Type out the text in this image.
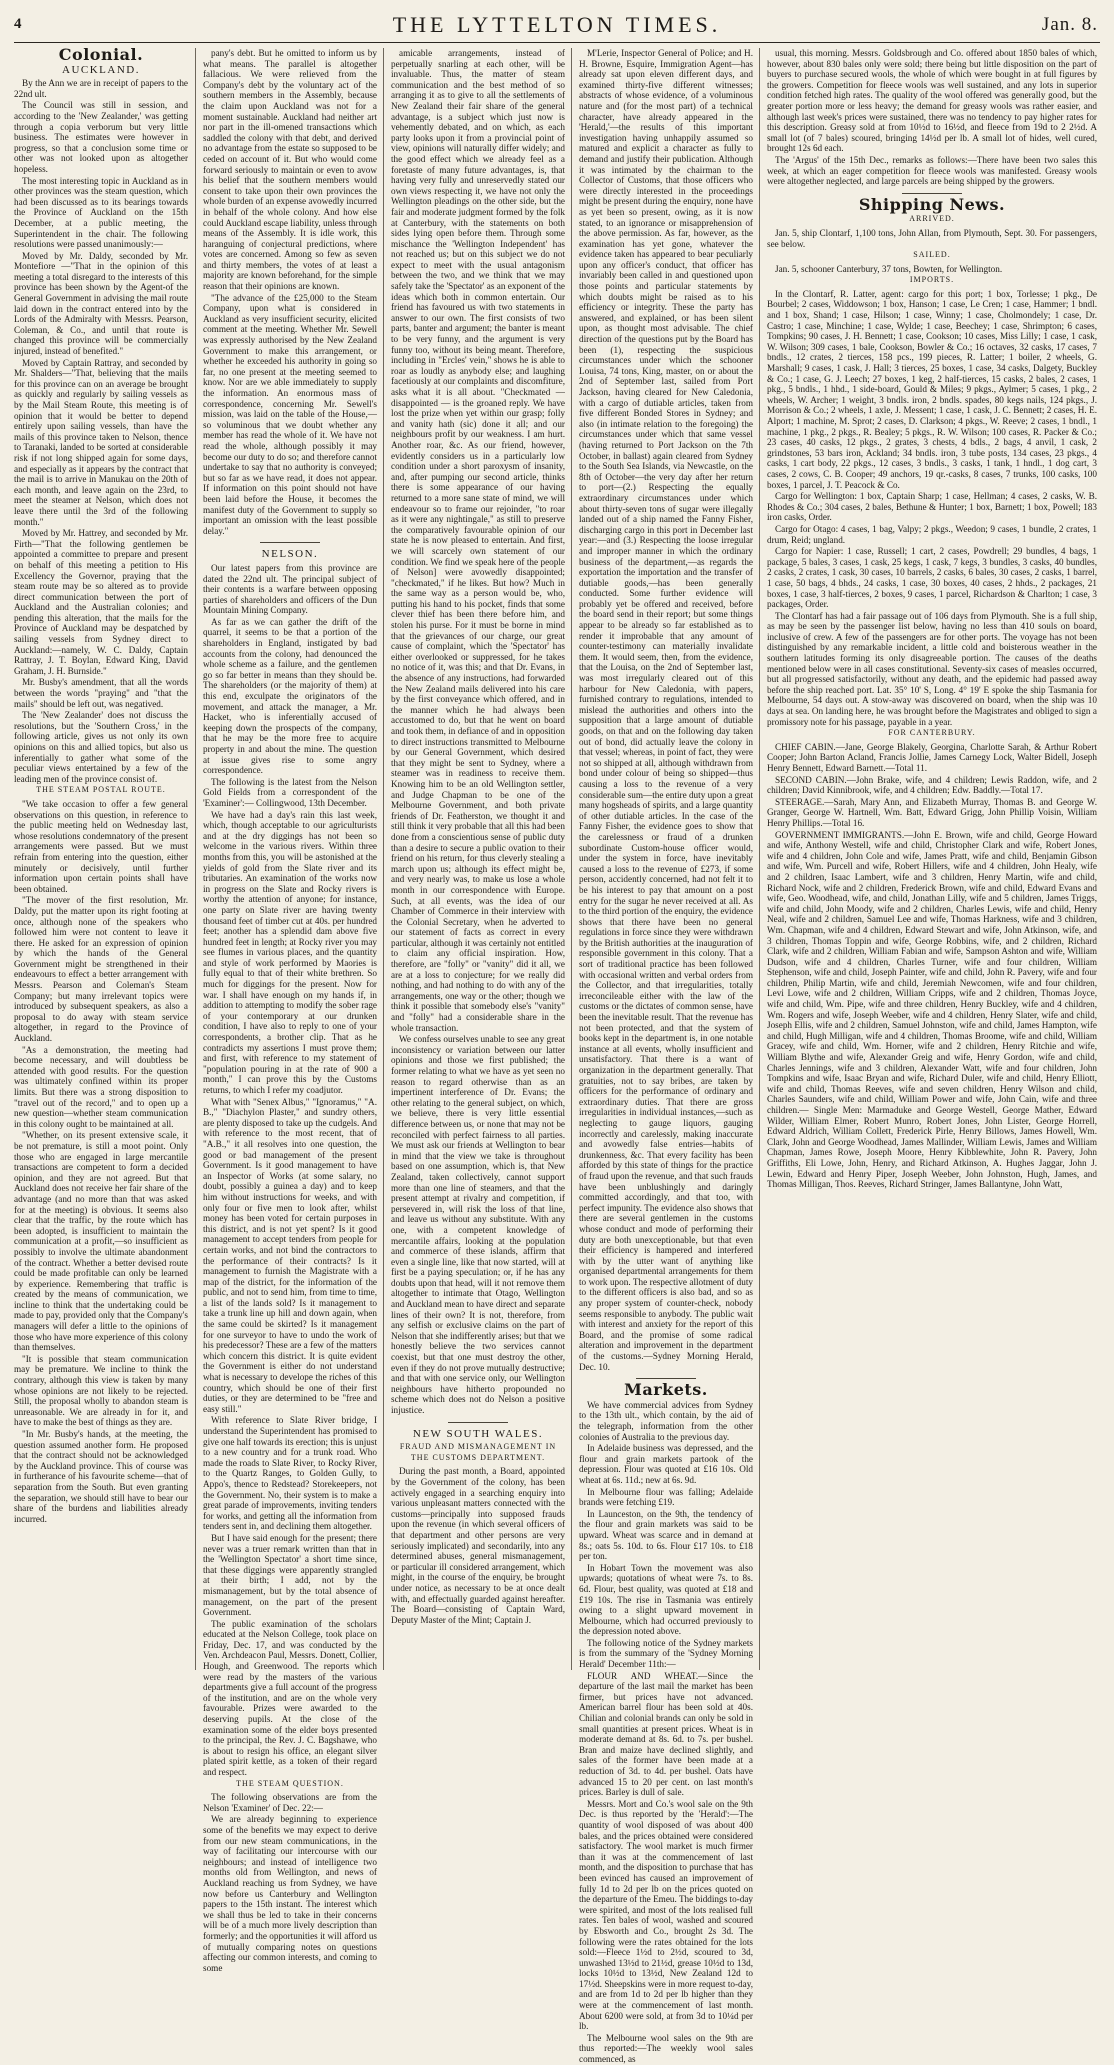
4	THE LYTTELTON TIMES.	Jan. 8.
Colonial.
AUCKLAND.

By the Ann we are in receipt of papers to the 22nd ult.

The Council was still in session, and according to the 'New Zealander,' was getting through a copia verborum but very little business. The estimates were however in progress, so that a conclusion some time or other was not looked upon as altogether hopeless.

The most interesting topic in Auckland as in other provinces was the steam question, which had been discussed as to its bearings towards the Province of Auckland on the 15th December, at a public meeting, the Superintendent in the chair. The following resolutions were passed unanimously:—

Moved by Mr. Daldy, seconded by Mr. Montefiore —"That in the opinion of this meeting a total disregard to the interests of this province has been shown by the Agent-of the General Government in advising the mail route laid down in the contract entered into by the Lords of the Admiralty with Messrs. Pearson, Coleman, & Co., and until that route is changed this province will be commercially injured, instead of benefited."

Moved by Captain Rattray, and seconded by Mr. Shalders—"That, believing that the mails for this province can on an average be brought as quickly and regularly by sailing vessels as by the Mail Steam Route, this meeting is of opinion that it would be better to depend entirely upon sailing vessels, than have the mails of this province taken to Nelson, thence to Taranaki, landed to be sorted at considerable risk if not long shipped again for some days, and especially as it appears by the contract that the mail is to arrive in Manukau on the 20th of each month, and leave again on the 23rd, to meet the steamer at Nelson, which does not leave there until the 3rd of the following month."

Moved by Mr. Hattrey, and seconded by Mr. Firth—"That the following gentlemen be appointed a committee to prepare and present on behalf of this meeting a petition to His Excellency the Governor, praying that the steam route may be so altered as to provide direct communication between the port of Auckland and the Australian colonies; and pending this alteration, that the mails for the Province of Auckland may be despatched by sailing vessels from Sydney direct to Auckland:—namely, W. C. Daldy, Captain Rattray, J. T. Boylan, Edward King, David Graham, J. H. Burnside."

Mr. Busby's amendment, that all the words between the words "praying" and "that the mails" should be left out, was negatived.

The 'New Zealander' does not discuss the resolutions, but the 'Southern Cross,' in the following article, gives us not only its own opinions on this and allied topics, but also us inferentially to gather what some of the peculiar views entertained by a few of the leading men of the province consist of.

THE STEAM POSTAL ROUTE.

"We take occasion to offer a few general observations on this question, in reference to the public meeting held on Wednesday last, whose resolutions condemnatory of the present arrangements were passed. But we must refrain from entering into the question, either minutely or decisively, until further information upon certain points shall have been obtained.

"The mover of the first resolution, Mr. Daldy, put the matter upon its right footing at once, although none of the speakers who followed him were not content to leave it there. He asked for an expression of opinion by which the hands of the General Government might be strengthened in their endeavours to effect a better arrangement with Messrs. Pearson and Coleman's Steam Company; but many irrelevant topics were introduced by subsequent speakers, as also a proposal to do away with steam service altogether, in regard to the Province of Auckland.

"As a demonstration, the meeting had become necessary, and will doubtless be attended with good results. For the question was ultimately confined within its proper limits. But there was a strong disposition to "travel out of the record," and to open up a new question—whether steam communication in this colony ought to be maintained at all.

"Whether, on its present extensive scale, it be not premature, is still a moot point. Only those who are engaged in large mercantile transactions are competent to form a decided opinion, and they are not agreed. But that Auckland does not receive her fair share of the advantage (and no more than that was asked for at the meeting) is obvious. It seems also clear that the traffic, by the route which has been adopted, is insufficient to maintain the communication at a profit,—so insufficient as possibly to involve the ultimate abandonment of the contract. Whether a better devised route could be made profitable can only be learned by experience. Remembering that traffic is created by the means of communication, we incline to think that the undertaking could be made to pay, provided only that the Company's managers will defer a little to the opinions of those who have more experience of this colony than themselves.

"It is possible that steam communication may be premature. We incline to think the contrary, although this view is taken by many whose opinions are not likely to be rejected. Still, the proposal wholly to abandon steam is unreasonable. We are already in for it, and have to make the best of things as they are.

"In Mr. Busby's hands, at the meeting, the question assumed another form. He proposed that the contract should not be acknowledged by the Auckland province. This of course was in furtherance of his favourite scheme—that of separation from the South. But even granting the separation, we should still have to bear our share of the burdens and liabilities already incurred.

pany's debt. But he omitted to inform us by what means. The parallel is altogether fallacious. We were relieved from the Company's debt by the voluntary act of the southern members in the Assembly, because the claim upon Auckland was not for a moment sustainable. Auckland had neither art nor part in the ill-omened transactions which saddled the colony with that debt, and derived no advantage from the estate so supposed to be ceded on account of it. But who would come forward seriously to maintain or even to avow his belief that the southern members would consent to take upon their own provinces the whole burden of an expense avowedly incurred in behalf of the whole colony. And how else could Auckland escape liability, unless through means of the Assembly. It is idle work, this haranguing of conjectural predictions, where votes are concerned. Among so few as seven and thirty members, the votes of at least a majority are known beforehand, for the simple reason that their opinions are known.

"The advance of the £25,000 to the Steam Company, upon what is considered in Auckland as very insufficient security, elicited comment at the meeting. Whether Mr. Sewell was expressly authorised by the New Zealand Government to make this arrangement, or whether he exceeded his authority in going so far, no one present at the meeting seemed to know. Nor are we able immediately to supply the information. An enormous mass of correspondence, concerning Mr. Sewell's mission, was laid on the table of the House,—so voluminous that we doubt whether any member has read the whole of it. We have not read the whole, although possibly it may become our duty to do so; and therefore cannot undertake to say that no authority is conveyed; but so far as we have read, it does not appear. If information on this point should not have been laid before the House, it becomes the manifest duty of the Government to supply so important an omission with the least possible delay."

NELSON.

Our latest papers from this province are dated the 22nd ult. The principal subject of their contents is a warfare between opposing parties of shareholders and officers of the Dun Mountain Mining Company.

As far as we can gather the drift of the quarrel, it seems to be that a portion of the shareholders in England, instigated by bad accounts from the colony, had denounced the whole scheme as a failure, and the gentlemen go so far better in means than they should be. The shareholders (or the majority of them) at this end, exculpate the originators of the movement, and attack the manager, a Mr. Hacket, who is inferentially accused of keeping down the prospects of the company, that he may be the more free to acquire property in and about the mine. The question at issue gives rise to some angry correspondence.

The following is the latest from the Nelson Gold Fields from a correspondent of the 'Examiner':— Collingwood, 13th December.

We have had a day's rain this last week, which, though acceptable to our agriculturists and at the dry diggings has not been so welcome in the various rivers. Within three months from this, you will be astonished at the yields of gold from the Slate river and its tributaries. An examination of the works now in progress on the Slate and Rocky rivers is worthy the attention of anyone; for instance, one party on Slate river are having twenty thousand feet of timber cut at 40s. per hundred feet; another has a splendid dam above five hundred feet in length; at Rocky river you may see flumes in various places, and the quantity and style of work performed by Maories is fully equal to that of their white brethren. So much for diggings for the present. Now for war. I shall have enough on my hands if, in addition to attempting to modify the sober rage of your contemporary at our drunken condition, I have also to reply to one of your correspondents, a brother clip. That as he contradicts my assertions I must prove them; and first, with reference to my statement of "population pouring in at the rate of 900 a month," I can prove this by the Customs returns, to which I refer my coadjutor.

What with "Senex Albus," "Ignoramus," "A. B.," "Diachylon Plaster," and sundry others, are plenty disposed to take up the cudgels. And with reference to the most recent, that of "A.B.," it all resolves into one question, the good or bad management of the present Government. Is it good management to have an Inspector of Works (at some salary, no doubt, possibly a guinea a day) and to keep him without instructions for weeks, and with only four or five men to look after, whilst money has been voted for certain purposes in this district, and is not yet spent? Is it good management to accept tenders from people for certain works, and not bind the contractors to the performance of their contracts? Is it management to furnish the Magistrate with a map of the district, for the information of the public, and not to send him, from time to time, a list of the lands sold? Is it management to take a trunk line up hill and down again, when the same could be skirted? Is it management for one surveyor to have to undo the work of his predecessor? These are a few of the matters which concern this district. It is quite evident the Government is either do not understand what is necessary to develope the riches of this country, which should be one of their first duties, or they are determined to be "free and easy still."

With reference to Slate River bridge, I understand the Superintendent has promised to give one half towards its erection; this is unjust to a new country and for a trunk road. Who made the roads to Slate River, to Rocky River, to the Quartz Ranges, to Golden Gully, to Appo's, thence to Redstead? Storekeepers, not the Government. No, their system is to make a great parade of improvements, inviting tenders for works, and getting all the information from tenders sent in, and declining them altogether.

But I have said enough for the present; there never was a truer remark written than that in the 'Wellington Spectator' a short time since, that these diggings were apparently strangled at their birth; I add, not by the mismanagement, but by the total absence of management, on the part of the present Government.

The public examination of the scholars educated at the Nelson College, took place on Friday, Dec. 17, and was conducted by the Ven. Archdeacon Paul, Messrs. Donett, Collier, Hough, and Greenwood. The reports which were read by the masters of the various departments give a full account of the progress of the institution, and are on the whole very favourable. Prizes were awarded to the deserving pupils. At the close of the examination some of the elder boys presented to the principal, the Rev. J. C. Bagshawe, who is about to resign his office, an elegant silver plated spirit kettle, as a token of their regard and respect.

THE STEAM QUESTION.

The following observations are from the Nelson 'Examiner' of Dec. 22:—

We are already beginning to experience some of the benefits we may expect to derive from our new steam communications, in the way of facilitating our intercourse with our neighbours; and instead of intelligence two months old from Wellington, and news of Auckland reaching us from Sydney, we have now before us Canterbury and Wellington papers to the 15th instant. The interest which we shall thus be led to take in their concerns will be of a much more lively description than formerly; and the opportunities it will afford us of mutually comparing notes on questions affecting our common interests, and coming to some

amicable arrangements, instead of perpetually snarling at each other, will be invaluable. Thus, the matter of steam communication and the best method of so arranging it as to give to all the settlements of New Zealand their fair share of the general advantage, is a subject which just now is vehemently debated, and on which, as each party looks upon it from a provincial point of view, opinions will naturally differ widely; and the good effect which we already feel as a foretaste of many future advantages, is, that having very fully and unreservedly stated our own views respecting it, we have not only the Wellington pleadings on the other side, but the fair and moderate judgment formed by the folk at Canterbury, with the statements on both sides lying open before them. Through some mischance the 'Wellington Independent' has not reached us; but on this subject we do not expect to meet with the usual antagonism between the two, and we think that we may safely take the 'Spectator' as an exponent of the ideas which both in common entertain. Our friend has favoured us with two statements in answer to our own. The first consists of two parts, banter and argument; the banter is meant to be very funny, and the argument is very funny too, without its being meant. Therefore, including in "Ercles' vein," shows he is able to roar as loudly as anybody else; and laughing facetiously at our complaints and discomfiture, asks what it is all about. "Checkmated — disappointed — is the groaned reply. We have lost the prize when yet within our grasp; folly and vanity hath (sic) done it all; and our neighbours profit by our weakness. I am hurt. Another roar, &c. As our friend, however, evidently considers us in a particularly low condition under a short paroxysm of insanity, and, after pumping our second article, thinks there is some appearance of our having returned to a more sane state of mind, we will endeavour so to frame our rejoinder, "to roar as it were any nightingale," as still to preserve the comparatively favourable opinion of our state he is now pleased to entertain. And first, we will scarcely own statement of our condition. We find we speak here of the people of Nelson] were avowedly disappointed; "checkmated," if he likes. But how? Much in the same way as a person would be, who, putting his hand to his pocket, finds that some clever thief has been there before him, and stolen his purse. For it must be borne in mind that the grievances of our charge, our great cause of complaint, which the 'Spectator' has either overlooked or suppressed, for he takes no notice of it, was this; and that Dr. Evans, in the absence of any instructions, had forwarded the New Zealand mails delivered into his care by the first conveyance which offered, and in the manner which he had always been accustomed to do, but that he went on board and took them, in defiance of and in opposition to direct instructions transmitted to Melbourne by our General Government, which desired that they might be sent to Sydney, where a steamer was in readiness to receive them. Knowing him to be an old Wellington settler, and Judge Chapman to be one of the Melbourne Government, and both private friends of Dr. Featherston, we thought it and still think it very probable that all this had been done from a conscientious sense of public duty than a desire to secure a public ovation to their friend on his return, for thus cleverly stealing a march upon us; although its effect might be, and very nearly was, to make us lose a whole month in our correspondence with Europe. Such, at all events, was the idea of our Chamber of Commerce in their interview with the Colonial Secretary, when he adverted to our statement of facts as correct in every particular, although it was certainly not entitled to claim any official inspiration. How, therefore, are "folly" or "vanity" did it all, we are at a loss to conjecture; for we really did nothing, and had nothing to do with any of the arrangements, one way or the other; though we think it possible that somebody else's "vanity" and "folly" had a considerable share in the whole transaction.

We confess ourselves unable to see any great inconsistency or variation between our latter opinions and those we first published; the former relating to what we have as yet seen no reason to regard otherwise than as an impertinent interference of Dr. Evans; the other relating to the general subject, on which, we believe, there is very little essential difference between us, or none that may not be reconciled with perfect fairness to all parties. We must ask our friends at Wellington to bear in mind that the view we take is throughout based on one assumption, which is, that New Zealand, taken collectively, cannot support more than one line of steamers, and that the present attempt at rivalry and competition, if persevered in, will risk the loss of that line, and leave us without any substitute. With any one, with a competent knowledge of mercantile affairs, looking at the population and commerce of these islands, affirm that even a single line, like that now started, will at first be a paying speculation; or, if he has any doubts upon that head, will it not remove them altogether to intimate that Otago, Wellington and Auckland mean to have direct and separate lines of their own? It is not, therefore, from any selfish or exclusive claims on the part of Nelson that she indifferently arises; but that we honestly believe the two services cannot coexist, but that one must destroy the other, even if they do not prove mutually destructive; and that with one service only, our Wellington neighbours have hitherto propounded no scheme which does not do Nelson a positive injustice.

NEW SOUTH WALES.
FRAUD AND MISMANAGEMENT IN THE CUSTOMS DEPARTMENT.

During the past month, a Board, appointed by the Government of the colony, has been actively engaged in a searching enquiry into various unpleasant matters connected with the customs—principally into supposed frauds upon the revenue (in which several officers of that department and other persons are very seriously implicated) and secondarily, into any determined abuses, general mismanagement, or particular ill considered arrangement, which might, in the course of the enquiry, be brought under notice, as necessary to be at once dealt with, and effectually guarded against hereafter. The Board—consisting of Captain Ward, Deputy Master of the Mint; Captain J.

M'Lerie, Inspector General of Police; and H. H. Browne, Esquire, Immigration Agent—has already sat upon eleven different days, and examined thirty-five different witnesses; abstracts of whose evidence, of a voluminous nature and (for the most part) of a technical character, have already appeared in the 'Herald,'—the results of this important investigation having unhappily assumed so matured and explicit a character as fully to demand and justify their publication. Although it was intimated by the chairman to the Collector of Customs, that those officers who were directly interested in the proceedings might be present during the enquiry, none have as yet been so present, owing, as it is now stated, to an ignorance or misapprehension of the above permission. As far, however, as the examination has yet gone, whatever the evidence taken has appeared to bear peculiarly upon any officer's conduct, that officer has invariably been called in and questioned upon those points and particular statements by which doubts might be raised as to his efficiency or integrity. These the party has answered, and explained, or has been silent upon, as thought most advisable. The chief direction of the questions put by the Board has been (1), respecting the suspicious circumstances under which the schooner Louisa, 74 tons, King, master, on or about the 2nd of September last, sailed from Port Jackson, having cleared for New Caledonia, with a cargo of dutiable articles, taken from five different Bonded Stores in Sydney; and also (in intimate relation to the foregoing) the circumstances under which that same vessel (having returned to Port Jackson on the 7th October, in ballast) again cleared from Sydney to the South Sea Islands, via Newcastle, on the 8th of October—the very day after her return to port—(2.) Respecting the equally extraordinary circumstances under which about thirty-seven tons of sugar were illegally landed out of a ship named the Fanny Fisher, discharging cargo in this port in December last year:—and (3.) Respecting the loose irregular and improper manner in which the ordinary business of the department,—as regards the exportation the importation and the transfer of dutiable goods,—has been generally conducted. Some further evidence will probably yet be offered and received, before the board send in their report; but some things appear to be already so far established as to render it improbable that any amount of counter-testimony can materially invalidate them. It would seem, then, from the evidence, that the Louisa, on the 2nd of September last, was most irregularly cleared out of this harbour for New Caledonia, with papers, furnished contrary to regulations, intended to mislead the authorities and others into the supposition that a large amount of dutiable goods, on that and on the following day taken out of bond, did actually leave the colony in that vessel; whereas, in point of fact, they were not so shipped at all, although withdrawn from bond under colour of being so shipped—thus causing a loss to the revenue of a very considerable sum—the entire duty upon a great many hogsheads of spirits, and a large quantity of other dutiable articles. In the case of the Fanny Fisher, the evidence goes to show that the carelessness or fraud of a drunken subordinate Custom-house officer would, under the system in force, have inevitably caused a loss to the revenue of £273, if some person, accidently concerned, had not felt it to be his interest to pay that amount on a post entry for the sugar he never received at all. As to the third portion of the enquiry, the evidence shows that there have been no general regulations in force since they were withdrawn by the British authorities at the inauguration of responsible government in this colony. That a sort of traditional practice has been followed with occasional written and verbal orders from the Collector, and that irregularities, totally irreconcileable either with the law of the customs or the dictates of common sense, have been the inevitable result. That the revenue has not been protected, and that the system of books kept in the department is, in one notable instance at all events, wholly insufficient and unsatisfactory. That there is a want of organization in the department generally. That gratuities, not to say bribes, are taken by officers for the performance of ordinary and extraordinary duties. That there are gross irregularities in individual instances,—such as neglecting to gauge liquors, gauging incorrectly and carelessly, making inaccurate and avowedly false entries—habits of drunkenness, &c. That every facility has been afforded by this state of things for the practice of fraud upon the revenue, and that such frauds have been unblushingly and daringly committed accordingly, and that too, with perfect impunity. The evidence also shows that there are several gentlemen in the customs whose conduct and mode of performing their duty are both unexceptionable, but that even their efficiency is hampered and interfered with by the utter want of anything like organised departmental arrangements for them to work upon. The respective allotment of duty to the different officers is also bad, and so as any proper system of counter-check, nobody seems responsible to anybody. The public wait with interest and anxiety for the report of this Board, and the promise of some radical alteration and improvement in the department of the customs.—Sydney Morning Herald, Dec. 10.

Markets.

We have commercial advices from Sydney to the 13th ult., which contain, by the aid of the telegraph, information from the other colonies of Australia to the previous day.

In Adelaide business was depressed, and the flour and grain markets partook of the depression. Flour was quoted at £16 10s. Old wheat at 6s. 11d.; new at 6s. 9d.

In Melbourne flour was falling; Adelaide brands were fetching £19.

In Launceston, on the 9th, the tendency of the flour and grain markets was said to be upward. Wheat was scarce and in demand at 8s.; oats 5s. 10d. to 6s. Flour £17 10s. to £18 per ton.

In Hobart Town the movement was also upwards; quotations of wheat were 7s. to 8s. 6d. Flour, best quality, was quoted at £18 and £19 10s. The rise in Tasmania was entirely owing to a slight upward movement in Melbourne, which had occurred previously to the depression noted above.

The following notice of the Sydney markets is from the summary of the 'Sydney Morning Herald' December 11th:—

FLOUR AND WHEAT.—Since the departure of the last mail the market has been firmer, but prices have not advanced. American barrel flour has been sold at 40s. Chilian and colonial brands can only be sold in small quantities at present prices. Wheat is in moderate demand at 8s. 6d. to 7s. per bushel. Bran and maize have declined slightly, and sales of the former have been made at a reduction of 3d. to 4d. per bushel. Oats have advanced 15 to 20 per cent. on last month's prices. Barley is dull of sale.

Messrs. Mort and Co.'s wool sale on the 9th Dec. is thus reported by the 'Herald':—The quantity of wool disposed of was about 400 bales, and the prices obtained were considered satisfactory. The wool market is much firmer than it was at the commencement of last month, and the disposition to purchase that has been evinced has caused an improvement of fully 1d to 2d per lb on the prices quoted on the departure of the Emeu. The biddings to-day were spirited, and most of the lots realised full rates. Ten bales of wool, washed and scoured by Ebsworth and Co., brought 2s 3d. The following were the rates obtained for the lots sold:—Fleece 1½d to 2½d, scoured to 3d, unwashed 13½d to 21½d, grease 10½d to 13d, locks 10½d to 13½d, New Zealand 12d to 17½d. Sheepskins were in more request to-day, and are from 1d to 2d per lb higher than they were at the commencement of last month. About 6200 were sold, at from 3d to 10¼d per lb.

The Melbourne wool sales on the 9th are thus reported:—The weekly wool sales commenced, as

usual, this morning. Messrs. Goldsbrough and Co. offered about 1850 bales of which, however, about 830 bales only were sold; there being but little disposition on the part of buyers to purchase secured wools, the whole of which were bought in at full figures by the growers. Competition for fleece wools was well sustained, and any lots in superior condition fetched high rates. The quality of the wool offered was generally good, but the greater portion more or less heavy; the demand for greasy wools was rather easier, and although last week's prices were sustained, there was no tendency to pay higher rates for this description. Greasy sold at from 10½d to 16½d, and fleece from 19d to 2 2½d. A small lot (of 7 bales) scoured, bringing 14½d per lb. A small lot of hides, well cured, brought 12s 6d each.

The 'Argus' of the 15th Dec., remarks as follows:—There have been two sales this week, at which an eager competition for fleece wools was manifested. Greasy wools were altogether neglected, and large parcels are being shipped by the growers.

Shipping News.
ARRIVED.

Jan. 5, ship Clontarf, 1,100 tons, John Allan, from Plymouth, Sept. 30. For passengers, see below.

SAILED.

Jan. 5, schooner Canterbury, 37 tons, Bowten, for Wellington.

IMPORTS.

In the Clontarf, R. Latter, agent: cargo for this port; 1 box, Torlesse; 1 pkg., De Bourbel; 2 cases, Widdowson; 1 box, Hanson; 1 case, Le Cren; 1 case, Hammer; 1 bndl. and 1 box, Shand; 1 case, Hilson; 1 case, Winny; 1 case, Cholmondely; 1 case, Dr. Castro; 1 case, Minchine; 1 case, Wylde; 1 case, Beechey; 1 case, Shrimpton; 6 cases, Tompkins; 90 cases, J. H. Bennett; 1 case, Cookson; 10 cases, Miss Lilly; 1 case, 1 cask, W. Wilson; 309 cases, 1 bale, Cookson, Bowler & Co.; 16 octaves, 32 casks, 17 cases, 7 bndls., 12 crates, 2 tierces, 158 pcs., 199 pieces, R. Latter; 1 boiler, 2 wheels, G. Marshall; 9 cases, 1 cask, J. Hall; 3 tierces, 25 boxes, 1 case, 34 casks, Dalgety, Buckley & Co.; 1 case, G. J. Leech; 27 boxes, 1 keg, 2 half-tierces, 15 casks, 2 bales, 2 cases, 1 pkg., 5 bndls., 1 hhd., 1 side-board, Gould & Miles; 9 pkgs., Aylmer; 5 cases, 1 pkg., 2 wheels, W. Archer; 1 weight, 3 bndls. iron, 2 bndls. spades, 80 kegs nails, 124 pkgs., J. Morrison & Co.; 2 wheels, 1 axle, J. Messent; 1 case, 1 cask, J. C. Bennett; 2 cases, H. E. Alport; 1 machine, M. Sprot; 2 cases, D. Clarkson; 4 pkgs., W. Reeve; 2 cases, 1 bndl., 1 machine, 1 pkg., 2 pkgs., R. Bealey; 5 pkgs., R. W. Wilson; 100 cases, R. Packer & Co.; 23 cases, 40 casks, 12 pkgs., 2 grates, 3 chests, 4 bdls., 2 bags, 4 anvil, 1 cask, 2 grindstones, 53 bars iron, Ackland; 34 bndls. iron, 3 tube posts, 134 cases, 23 pkgs., 4 casks, 1 cart body, 22 pkgs., 12 cases, 3 bndls., 3 casks, 1 tank, 1 hndl., 1 dog cart, 3 cases, 2 cows, C. B. Cooper; 49 anchors, 19 qr.-casks, 8 cases, 7 trunks, 100 casks, 100 boxes, 1 parcel, J. T. Peacock & Co.

Cargo for Wellington: 1 box, Captain Sharp; 1 case, Hellman; 4 cases, 2 casks, W. B. Rhodes & Co.; 304 cases, 2 bales, Bethune & Hunter; 1 box, Barnett; 1 box, Powell; 183 iron casks, Order.

Cargo for Otago: 4 cases, 1 bag, Valpy; 2 pkgs., Weedon; 9 cases, 1 bundle, 2 crates, 1 drum, Reid; ungland.

Cargo for Napier: 1 case, Russell; 1 cart, 2 cases, Powdrell; 29 bundles, 4 bags, 1 package, 5 bales, 3 cases, 1 cask, 25 kegs, 1 cask, 7 kegs, 3 bundles, 3 casks, 40 bundles, 2 casks, 2 crates, 1 cask, 30 cases, 10 barrels, 2 casks, 6 bales, 30 cases, 2 casks, 1 barrel, 1 case, 50 bags, 4 bhds., 24 casks, 1 case, 30 boxes, 40 cases, 2 hhds., 2 packages, 21 boxes, 1 case, 3 half-tierces, 2 boxes, 9 cases, 1 parcel, Richardson & Charlton; 1 case, 3 packages, Order.

The Clontarf has had a fair passage out of 106 days from Plymouth. She is a full ship, as may be seen by the passenger list below, having no less than 410 souls on board, inclusive of crew. A few of the passengers are for other ports. The voyage has not been distinguished by any remarkable incident, a little cold and boisterous weather in the southern latitudes forming its only disagreeable portion. The causes of the deaths mentioned below were in all cases constitutional. Seventy-six cases of measles occurred, but all progressed satisfactorily, without any death, and the epidemic had passed away before the ship reached port. Lat. 35° 10' S, Long. 4° 19' E spoke the ship Tasmania for Melbourne, 54 days out. A stow-away was discovered on board, when the ship was 10 days at sea. On landing here, he was brought before the Magistrates and obliged to sign a promissory note for his passage, payable in a year.

FOR CANTERBURY.

CHIEF CABIN.—Jane, George Blakely, Georgina, Charlotte Sarah, & Arthur Robert Cooper; John Barton Acland, Francis Jollie, James Carnegy Lock, Walter Bidell, Joseph Henry Bennett, Edward Barnett.—Total 11.

SECOND CABIN.—John Brake, wife, and 4 children; Lewis Raddon, wife, and 2 children; David Kinnibrook, wife, and 4 children; Edw. Baddly.—Total 17.

STEERAGE.—Sarah, Mary Ann, and Elizabeth Murray, Thomas B. and George W. Granger, George W. Hartnell, Wm. Batt, Edward Grigg, John Phillip Voisin, William Henry Phillips.—Total 16.

GOVERNMENT IMMIGRANTS.—John E. Brown, wife and child, George Howard and wife, Anthony Westell, wife and child, Christopher Clark and wife, Robert Jones, wife and 4 children, John Cole and wife, James Pratt, wife and child, Benjamin Gibson and wife, Wm. Purcell and wife, Robert Hillers, wife and 4 children, John Healy, wife and 2 children, Isaac Lambert, wife and 3 children, Henry Martin, wife and child, Richard Nock, wife and 2 children, Frederick Brown, wife and child, Edward Evans and wife, Geo. Woodhead, wife, and child, Jonathan Lilly, wife and 5 children, James Triggs, wife and child, John Moody, wife and 2 children, Charles Lewis, wife and child, Henry Neal, wife and 2 children, Samuel Lee and wife, Thomas Harkness, wife and 3 children, Wm. Chapman, wife and 4 children, Edward Stewart and wife, John Atkinson, wife, and 3 children, Thomas Toppin and wife, George Robbins, wife, and 2 children, Richard Clark, wife and 2 children, William Fabian and wife, Sampson Ashton and wife, William Dudson, wife and 4 children, Charles Turner, wife and four children, William Stephenson, wife and child, Joseph Painter, wife and child, John R. Pavery, wife and four children, Philip Martin, wife and child, Jeremiah Newcomen, wife and four children, Levi Lowe, wife and 2 children, William Cripps, wife and 2 children, Thomas Joyce, wife and child, Wm. Pipe, wife and three children, Henry Buckley, wife and 4 children, Wm. Rogers and wife, Joseph Weeber, wife and 4 children, Henry Slater, wife and child, Joseph Ellis, wife and 2 children, Samuel Johnston, wife and child, James Hampton, wife and child, Hugh Milligan, wife and 4 children, Thomas Broome, wife and child, William Gracey, wife and child, Wm. Horner, wife and 2 children, Henry Ritchie and wife, William Blythe and wife, Alexander Greig and wife, Henry Gordon, wife and child, Charles Jennings, wife and 3 children, Alexander Watt, wife and four children, John Tompkins and wife, Isaac Bryan and wife, Richard Duler, wife and child, Henry Elliott, wife and child, Thomas Reeves, wife and seven children, Henry Wilson and child, Charles Saunders, wife and child, William Power and wife, John Cain, wife and three children.— Single Men: Marmaduke and George Westell, George Mather, Edward Wilder, William Elmer, Robert Munro, Robert Jones, John Lister, George Horrell, Edward Aldrich, William Collett, Frederick Pirle, Henry Billows, James Howell, Wm. Clark, John and George Woodhead, James Mallinder, William Lewis, James and William Chapman, James Rowe, Joseph Moore, Henry Kibblewhite, John R. Pavery, John Griffiths, Eli Lowe, John, Henry, and Richard Atkinson, A. Hughes Jaggar, John J. Lewin, Edward and Henry Piper, Joseph Weeber, John Johnston, Hugh, James, and Thomas Milligan, Thos. Reeves, Richard Stringer, James Ballantyne, John Watt,
